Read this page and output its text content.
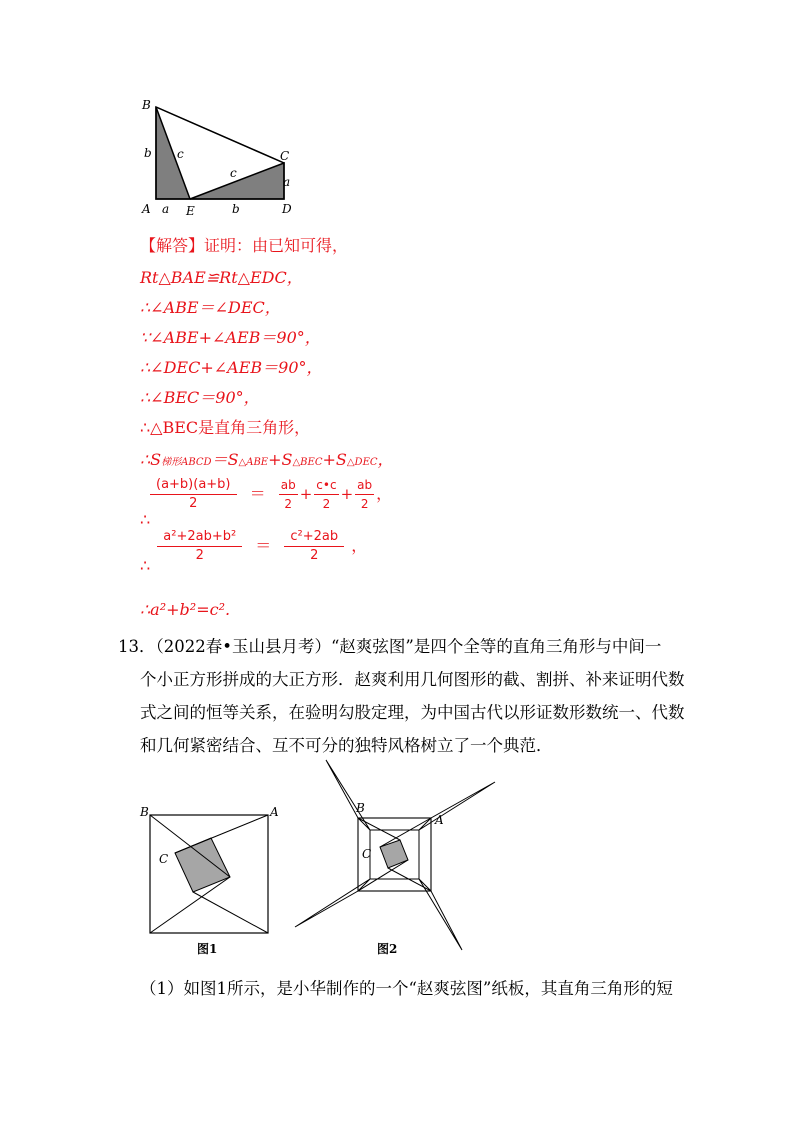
B
b c
c
C
a
A a E	b	D
【解答】证明：由已知可得，
Rt△BAE≌Rt△EDC，
∴∠ABE＝∠DEC，
∵∠ABE+∠AEB＝90°，
∴∠DEC+∠AEB＝90°，
∴∠BEC＝90°，
∴△BEC是直角三角形，
∴S梯形ABCD＝S△ABE+S△BEC+S△DEC，
$\frac{(a+b)(a+b)}{2} = \frac{ab}{2} + \frac{c•c}{2} + \frac{ab}{2}$ ，
∴
∴
$\frac{\text{a²+2ab+b²}}{2} = \frac{\text{c²+2ab}}{2}$ ，
∴a²+b²=c².
13．（2022春•玉山县月考）“赵爽弦图”是四个全等的直角三角形与中间一
个小正方形拼成的大正方形．赵爽利用几何图形的截、割拼、补来证明代数
式之间的恒等关系，在验明勾股定理，为中国古代以形证数形数统一、代数
和几何紧密结合、互不可分的独特风格树立了一个典范．
B	A
C
图1
B
A
C
图2
（1）如图1所示，是小华制作的一个“赵爽弦图”纸板，其直角三角形的短
